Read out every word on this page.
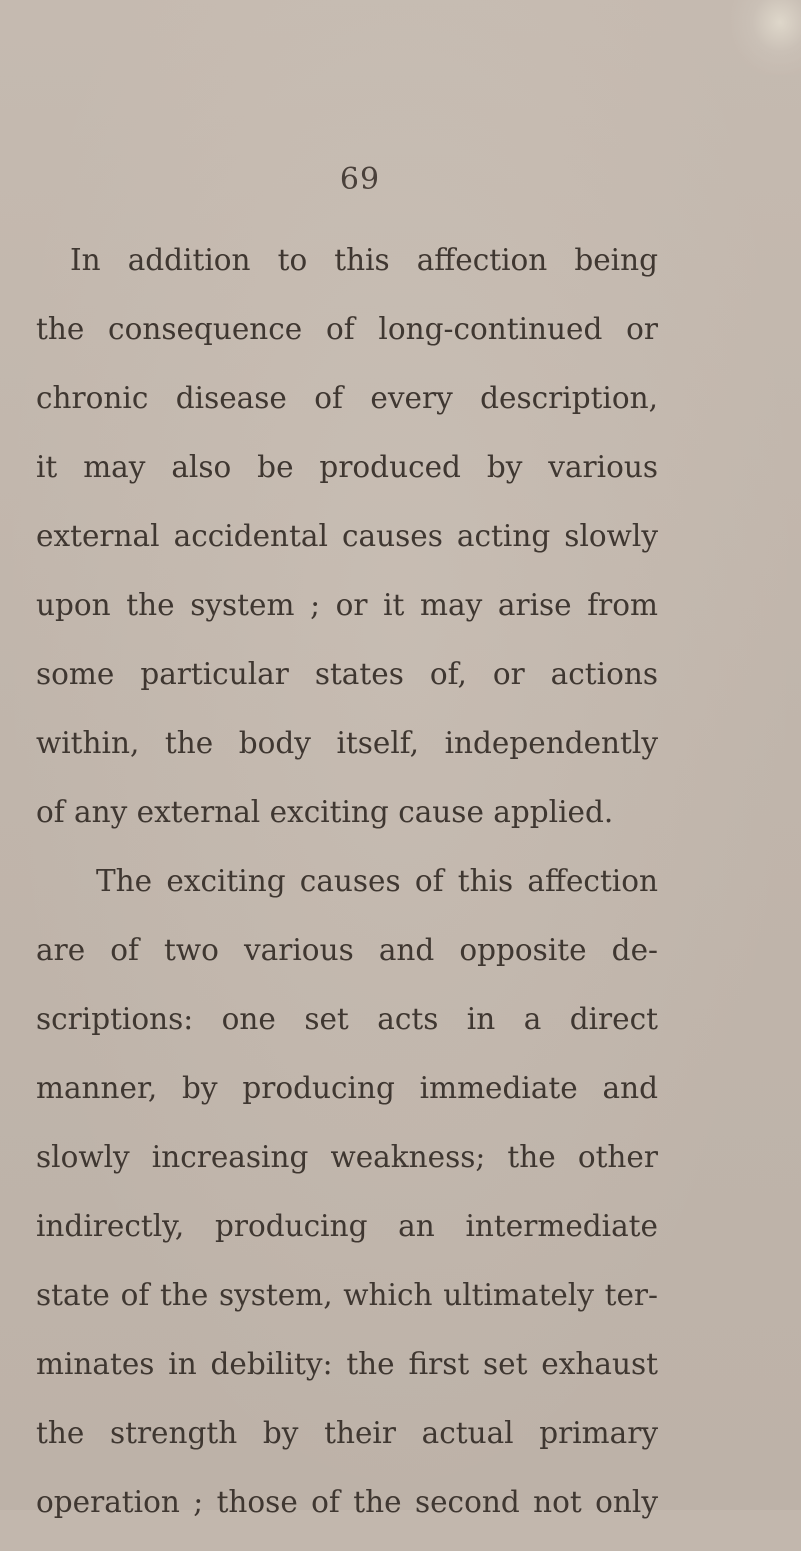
69
In addition to this affection being
the consequence of long-continued or
chronic disease of every description,
it may also be produced by various
external accidental causes acting slowly
upon the system ; or it may arise from
some particular states of, or actions
within, the body itself, independently
of any external exciting cause applied.
The exciting causes of this affection
are of two various and opposite de-
scriptions: one set acts in a direct
manner, by producing immediate and
slowly increasing weakness; the other
indirectly, producing an intermediate
state of the system, which ultimately ter-
minates in debility: the first set exhaust
the strength by their actual primary
operation ; those of the second not only
